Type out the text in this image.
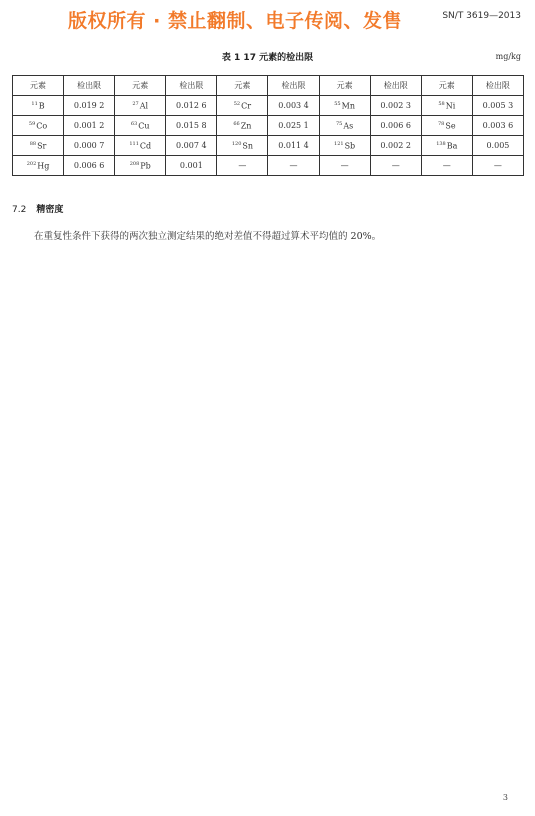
版权所有 · 禁止翻制、电子传阅、发售	SN/T 3619—2013
表 1 17 元素的检出限	mg/kg
元素	检出限	元素	检出限	元素	检出限	元素	检出限	元素	检出限
$^{11}$B	0.019 2	$^{27}$Al	0.012 6	$^{52}$Cr	0.003 4	$^{55}$Mn	0.002 3	$^{58}$Ni	0.005 3
$^{59}$Co	0.001 2	$^{63}$Cu	0.015 8	$^{66}$Zn	0.025 1	$^{75}$As	0.006 6	$^{78}$Se	0.003 6
$^{88}$Sr	0.000 7	$^{111}$Cd	0.007 4	$^{120}$Sn	0.011 4	$^{121}$Sb	0.002 2	$^{138}$Ba	0.005
$^{202}$Hg	0.006 6	$^{208}$Pb	0.001	—	—	—	—	—	—
7.2 精密度
在重复性条件下获得的两次独立测定结果的绝对差值不得超过算术平均值的 20%。
3
